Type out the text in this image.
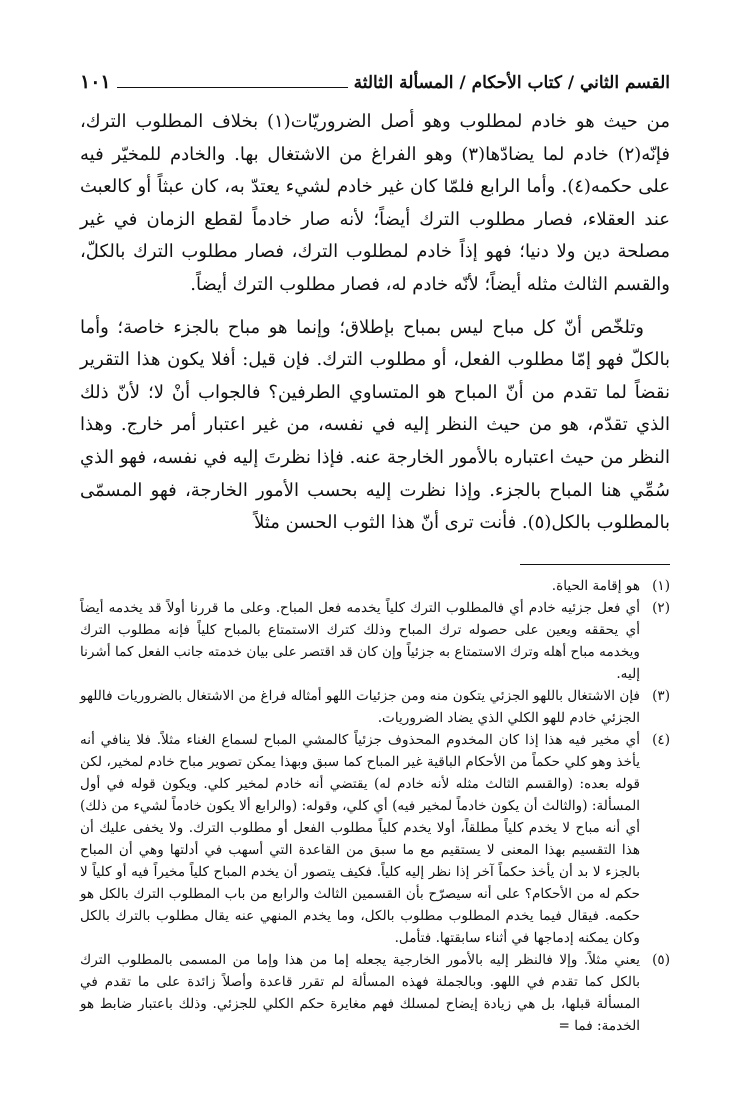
القسم الثاني / كتاب الأحكام / المسألة الثالثة
١٠١

من حيث هو خادم لمطلوب وهو أصل الضروريّات(١) بخلاف المطلوب الترك، فإنّه(٢) خادم لما يضادّها(٣) وهو الفراغ من الاشتغال بها. والخادم للمخيّر فيه على حكمه(٤). وأما الرابع فلمّا كان غير خادم لشيء يعتدّ به، كان عبثاً أو كالعبث عند العقلاء، فصار مطلوب الترك أيضاً؛ لأنه صار خادماً لقطع الزمان في غير مصلحة دين ولا دنيا؛ فهو إذاً خادم لمطلوب الترك، فصار مطلوب الترك بالكلّ، والقسم الثالث مثله أيضاً؛ لأنّه خادم له، فصار مطلوب الترك أيضاً.

وتلخّص أنّ كل مباح ليس بمباح بإطلاق؛ وإنما هو مباح بالجزء خاصة؛ وأما بالكلّ فهو إمّا مطلوب الفعل، أو مطلوب الترك. فإن قيل: أفلا يكون هذا التقرير نقضاً لما تقدم من أنّ المباح هو المتساوي الطرفين؟ فالجواب أنْ لا؛ لأنّ ذلك الذي تقدّم، هو من حيث النظر إليه في نفسه، من غير اعتبار أمر خارج. وهذا النظر من حيث اعتباره بالأمور الخارجة عنه. فإذا نظرتَ إليه في نفسه، فهو الذي سُمِّي هنا المباح بالجزء. وإذا نظرت إليه بحسب الأمور الخارجة، فهو المسمّى بالمطلوب بالكل(٥). فأنت ترى أنّ هذا الثوب الحسن مثلاً

(١)
هو إقامة الحياة.
(٢)
أي فعل جزئيه خادم أي فالمطلوب الترك كلياً يخدمه فعل المباح. وعلى ما قررنا أولاً قد يخدمه أيضاً أي يحققه ويعين على حصوله ترك المباح وذلك كترك الاستمتاع بالمباح كلياً فإنه مطلوب الترك ويخدمه مباح أهله وترك الاستمتاع به جزئياً وإن كان قد اقتصر على بيان خدمته جانب الفعل كما أشرنا إليه.
(٣)
فإن الاشتغال باللهو الجزئي يتكون منه ومن جزئيات اللهو أمثاله فراغ من الاشتغال بالضروريات فاللهو الجزئي خادم للهو الكلي الذي يضاد الضروريات.
(٤)
أي مخير فيه هذا إذا كان المخدوم المحذوف جزئياً كالمشي المباح لسماع الغناء مثلاً. فلا ينافي أنه يأخذ وهو كلي حكماً من الأحكام الباقية غير المباح كما سبق وبهذا يمكن تصوير مباح خادم لمخير، لكن قوله بعده: (والقسم الثالث مثله لأنه خادم له) يقتضي أنه خادم لمخير كلي. ويكون قوله في أول المسألة: (والثالث أن يكون خادماً لمخير فيه) أي كلي، وقوله: (والرابع ألا يكون خادماً لشيء من ذلك) أي أنه مباح لا يخدم كلياً مطلقاً، أولا يخدم كلياً مطلوب الفعل أو مطلوب الترك. ولا يخفى عليك أن هذا التقسيم بهذا المعنى لا يستقيم مع ما سبق من القاعدة التي أسهب في أدلتها وهي أن المباح بالجزء لا بد أن يأخذ حكماً آخر إذا نظر إليه كلياً. فكيف يتصور أن يخدم المباح كلياً مخيراً فيه أو كلياً لا حكم له من الأحكام؟ على أنه سيصرّح بأن القسمين الثالث والرابع من باب المطلوب الترك بالكل هو حكمه. فيقال فيما يخدم المطلوب مطلوب بالكل، وما يخدم المنهي عنه يقال مطلوب بالترك بالكل وكان يمكنه إدماجها في أثناء سابقتها. فتأمل.
(٥)
يعني مثلاً. وإلا فالنظر إليه بالأمور الخارجية يجعله إما من هذا وإما من المسمى بالمطلوب الترك بالكل كما تقدم في اللهو. وبالجملة فهذه المسألة لم تقرر قاعدة وأصلاً زائدة على ما تقدم في المسألة قبلها، بل هي زيادة إيضاح لمسلك فهم مغايرة حكم الكلي للجزئي. وذلك باعتبار ضابط هو الخدمة: فما =
